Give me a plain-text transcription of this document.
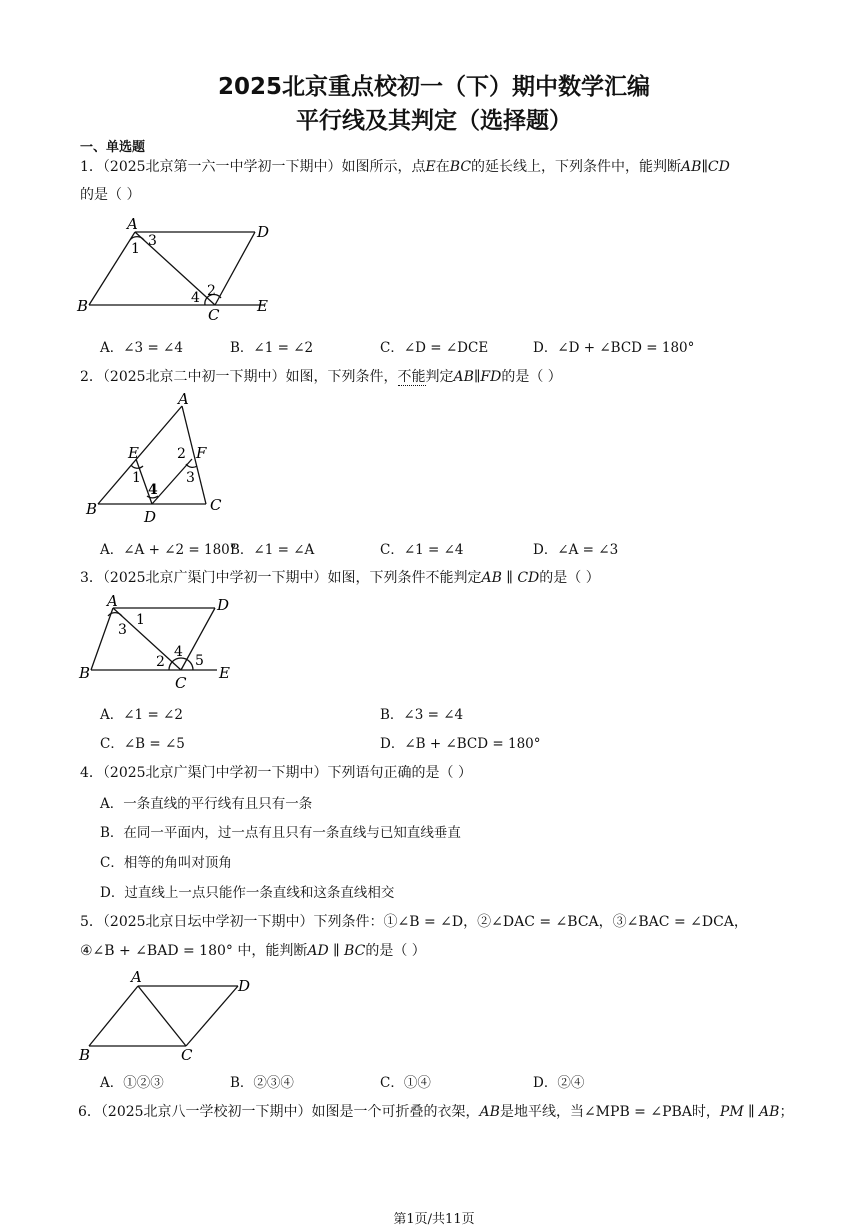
2025北京重点校初一（下）期中数学汇编
平行线及其判定（选择题）
一、单选题
1．（2025北京第一六一中学初一下期中）如图所示，点E在BC的延长线上，下列条件中，能判断AB∥CD
的是（ ）
A	D
B	C	E
1 3
2
4
A．∠3 = ∠4	B．∠1 = ∠2	C．∠D = ∠DCE	D．∠D + ∠BCD = 180°
2．（2025北京二中初一下期中）如图，下列条件，不能判定AB∥FD的是（ ）
A
E	F
B	D
C
1
2
3
4
A．∠A + ∠2 = 180°
B．∠1 = ∠A	C．∠1 = ∠4	D．∠A = ∠3
3．（2025北京广渠门中学初一下期中）如图，下列条件不能判定AB ∥ CD的是（ ）
A	D
B
C
E
1
3
2
4
5
A．∠1 = ∠2	B．∠3 = ∠4
C．∠B = ∠5	D．∠B + ∠BCD = 180°
4．（2025北京广渠门中学初一下期中）下列语句正确的是（ ）
A．一条直线的平行线有且只有一条
B．在同一平面内，过一点有且只有一条直线与已知直线垂直
C．相等的角叫对顶角
D．过直线上一点只能作一条直线和这条直线相交
5．（2025北京日坛中学初一下期中）下列条件：①∠B = ∠D，②∠DAC = ∠BCA，③∠BAC = ∠DCA，
④∠B + ∠BAD = 180° 中，能判断AD ∥ BC的是（ ）
A	D
B	C
A．①②③	B．②③④	C．①④	D．②④
6．（2025北京八一学校初一下期中）如图是一个可折叠的衣架，AB是地平线，当∠MPB = ∠PBA时，PM ∥ AB；
第1页/共11页
